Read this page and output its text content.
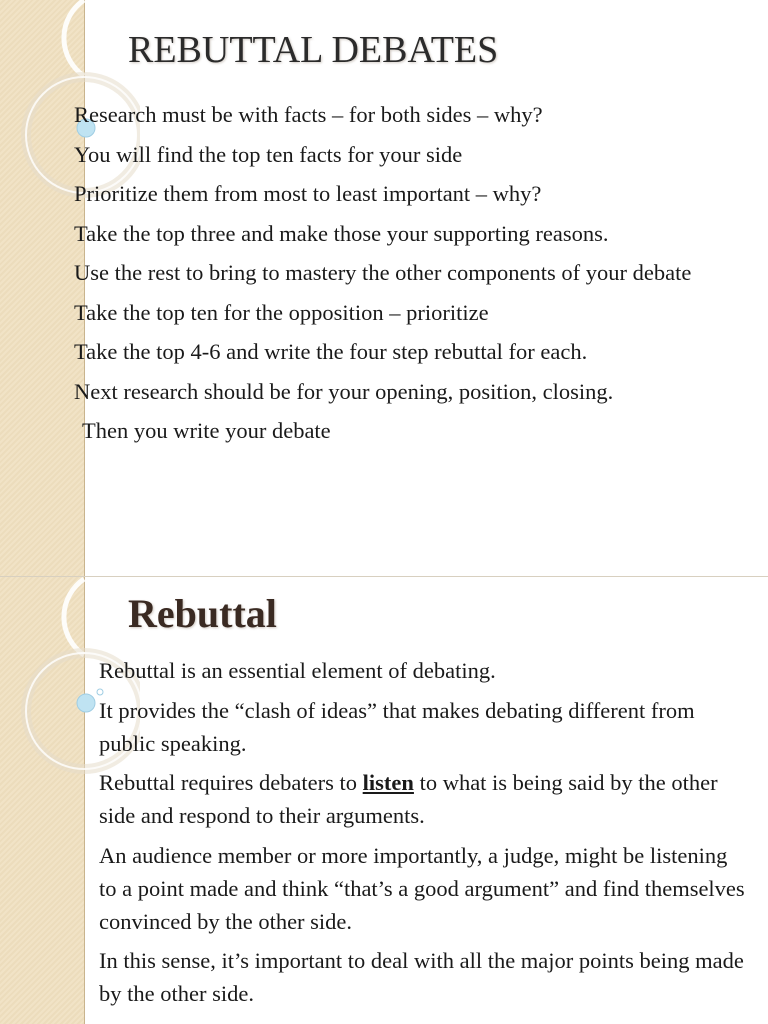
REBUTTAL DEBATES
Research must be with facts – for both sides – why?
You will find the top ten facts for your side
Prioritize them from most to least important – why?
Take the top three and make those your supporting reasons.
Use the rest to bring to mastery the other components of your debate
Take the top ten for the opposition – prioritize
Take the top 4-6 and write the four step rebuttal for each.
Next research should be for your opening, position, closing.
Then you write your debate
Rebuttal
Rebuttal is an essential element of debating.
It provides the “clash of ideas” that makes debating different from public speaking.
Rebuttal requires debaters to listen to what is being said by the other side and respond to their arguments.
An audience member or more importantly, a judge, might be listening to a point made and think “that’s a good argument” and find themselves convinced by the other side.
In this sense, it’s important to deal with all the major points being made by the other side.
